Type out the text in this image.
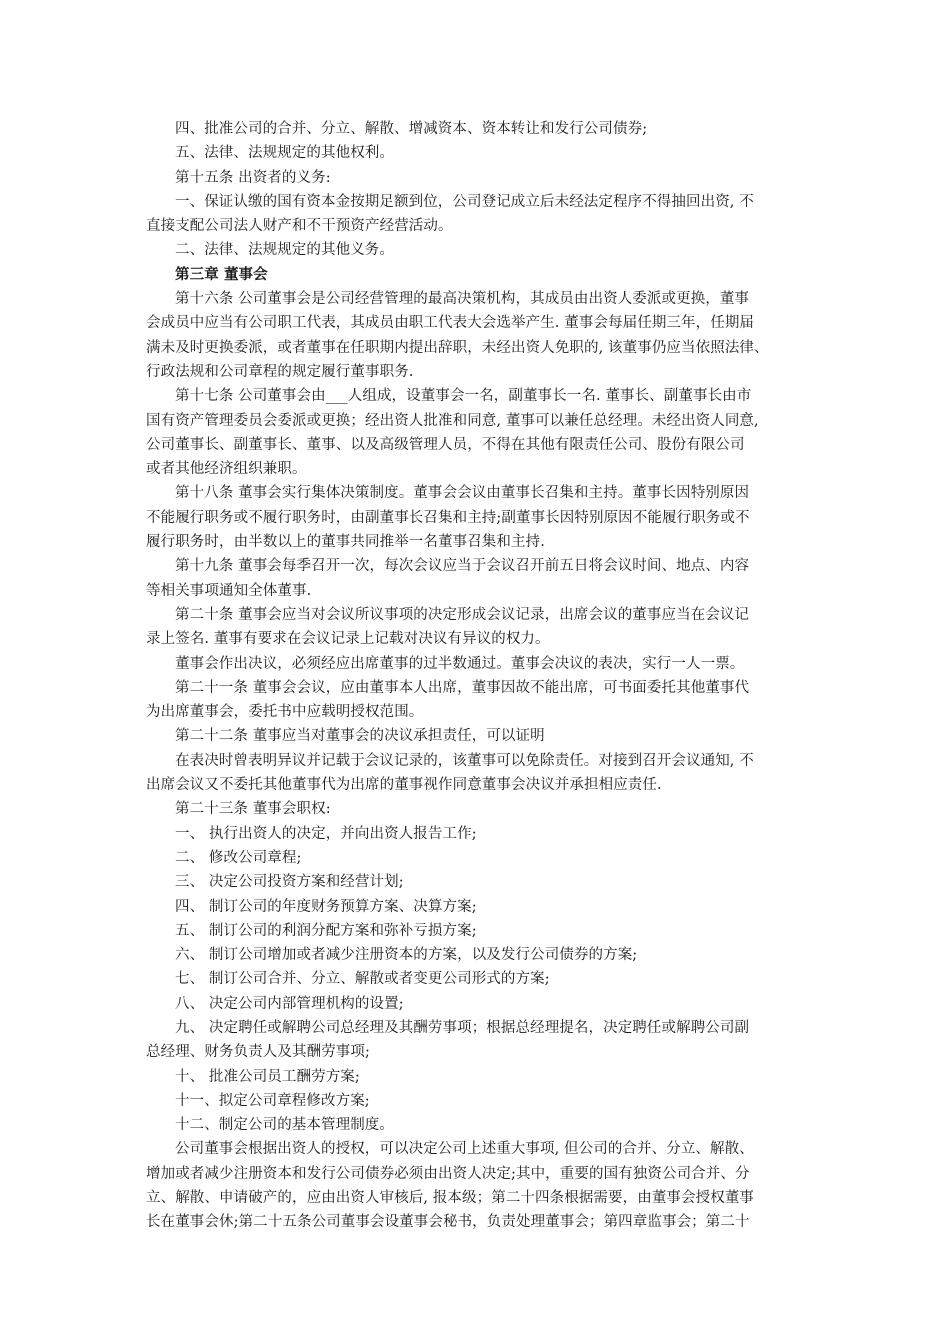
四、批准公司的合并、分立、解散、增减资本、资本转让和发行公司债券;
五、法律、法规规定的其他权利。
第十五条 出资者的义务:
一、保证认缴的国有资本金按期足额到位，公司登记成立后未经法定程序不得抽回出资, 不
直接支配公司法人财产和不干预资产经营活动。
二、法律、法规规定的其他义务。
第三章 董事会
第十六条 公司董事会是公司经营管理的最高决策机构，其成员由出资人委派或更换，董事
会成员中应当有公司职工代表，其成员由职工代表大会选举产生. 董事会每届任期三年，任期届
满未及时更换委派，或者董事在任职期内提出辞职，未经出资人免职的, 该董事仍应当依照法律、
行政法规和公司章程的规定履行董事职务.
第十七条 公司董事会由___人组成，设董事会一名，副董事长一名. 董事长、副董事长由市
国有资产管理委员会委派或更换；经出资人批准和同意, 董事可以兼任总经理。未经出资人同意,
公司董事长、副董事长、董事、以及高级管理人员，不得在其他有限责任公司、股份有限公司
或者其他经济组织兼职。
第十八条 董事会实行集体决策制度。董事会会议由董事长召集和主持。董事长因特别原因
不能履行职务或不履行职务时，由副董事长召集和主持;副董事长因特别原因不能履行职务或不
履行职务时，由半数以上的董事共同推举一名董事召集和主持.
第十九条 董事会每季召开一次，每次会议应当于会议召开前五日将会议时间、地点、内容
等相关事项通知全体董事.
第二十条 董事会应当对会议所议事项的决定形成会议记录，出席会议的董事应当在会议记
录上签名. 董事有要求在会议记录上记载对决议有异议的权力。
董事会作出决议，必须经应出席董事的过半数通过。董事会决议的表决，实行一人一票。
第二十一条 董事会会议，应由董事本人出席，董事因故不能出席，可书面委托其他董事代
为出席董事会，委托书中应载明授权范围。
第二十二条 董事应当对董事会的决议承担责任，可以证明
在表决时曾表明异议并记载于会议记录的，该董事可以免除责任。对接到召开会议通知, 不
出席会议又不委托其他董事代为出席的董事视作同意董事会决议并承担相应责任.
第二十三条 董事会职权:
一、 执行出资人的决定，并向出资人报告工作;
二、 修改公司章程;
三、 决定公司投资方案和经营计划;
四、 制订公司的年度财务预算方案、决算方案;
五、 制订公司的利润分配方案和弥补亏损方案;
六、 制订公司增加或者减少注册资本的方案，以及发行公司债券的方案;
七、 制订公司合并、分立、解散或者变更公司形式的方案;
八、 决定公司内部管理机构的设置;
九、 决定聘任或解聘公司总经理及其酬劳事项；根据总经理提名，决定聘任或解聘公司副
总经理、财务负责人及其酬劳事项;
十、 批准公司员工酬劳方案;
十一、拟定公司章程修改方案;
十二、制定公司的基本管理制度。
公司董事会根据出资人的授权，可以决定公司上述重大事项, 但公司的合并、分立、解散、
增加或者减少注册资本和发行公司债券必须由出资人决定;其中，重要的国有独资公司合并、分
立、解散、申请破产的，应由出资人审核后, 报本级；第二十四条根据需要，由董事会授权董事
长在董事会休;第二十五条公司董事会设董事会秘书，负责处理董事会；第四章监事会；第二十
